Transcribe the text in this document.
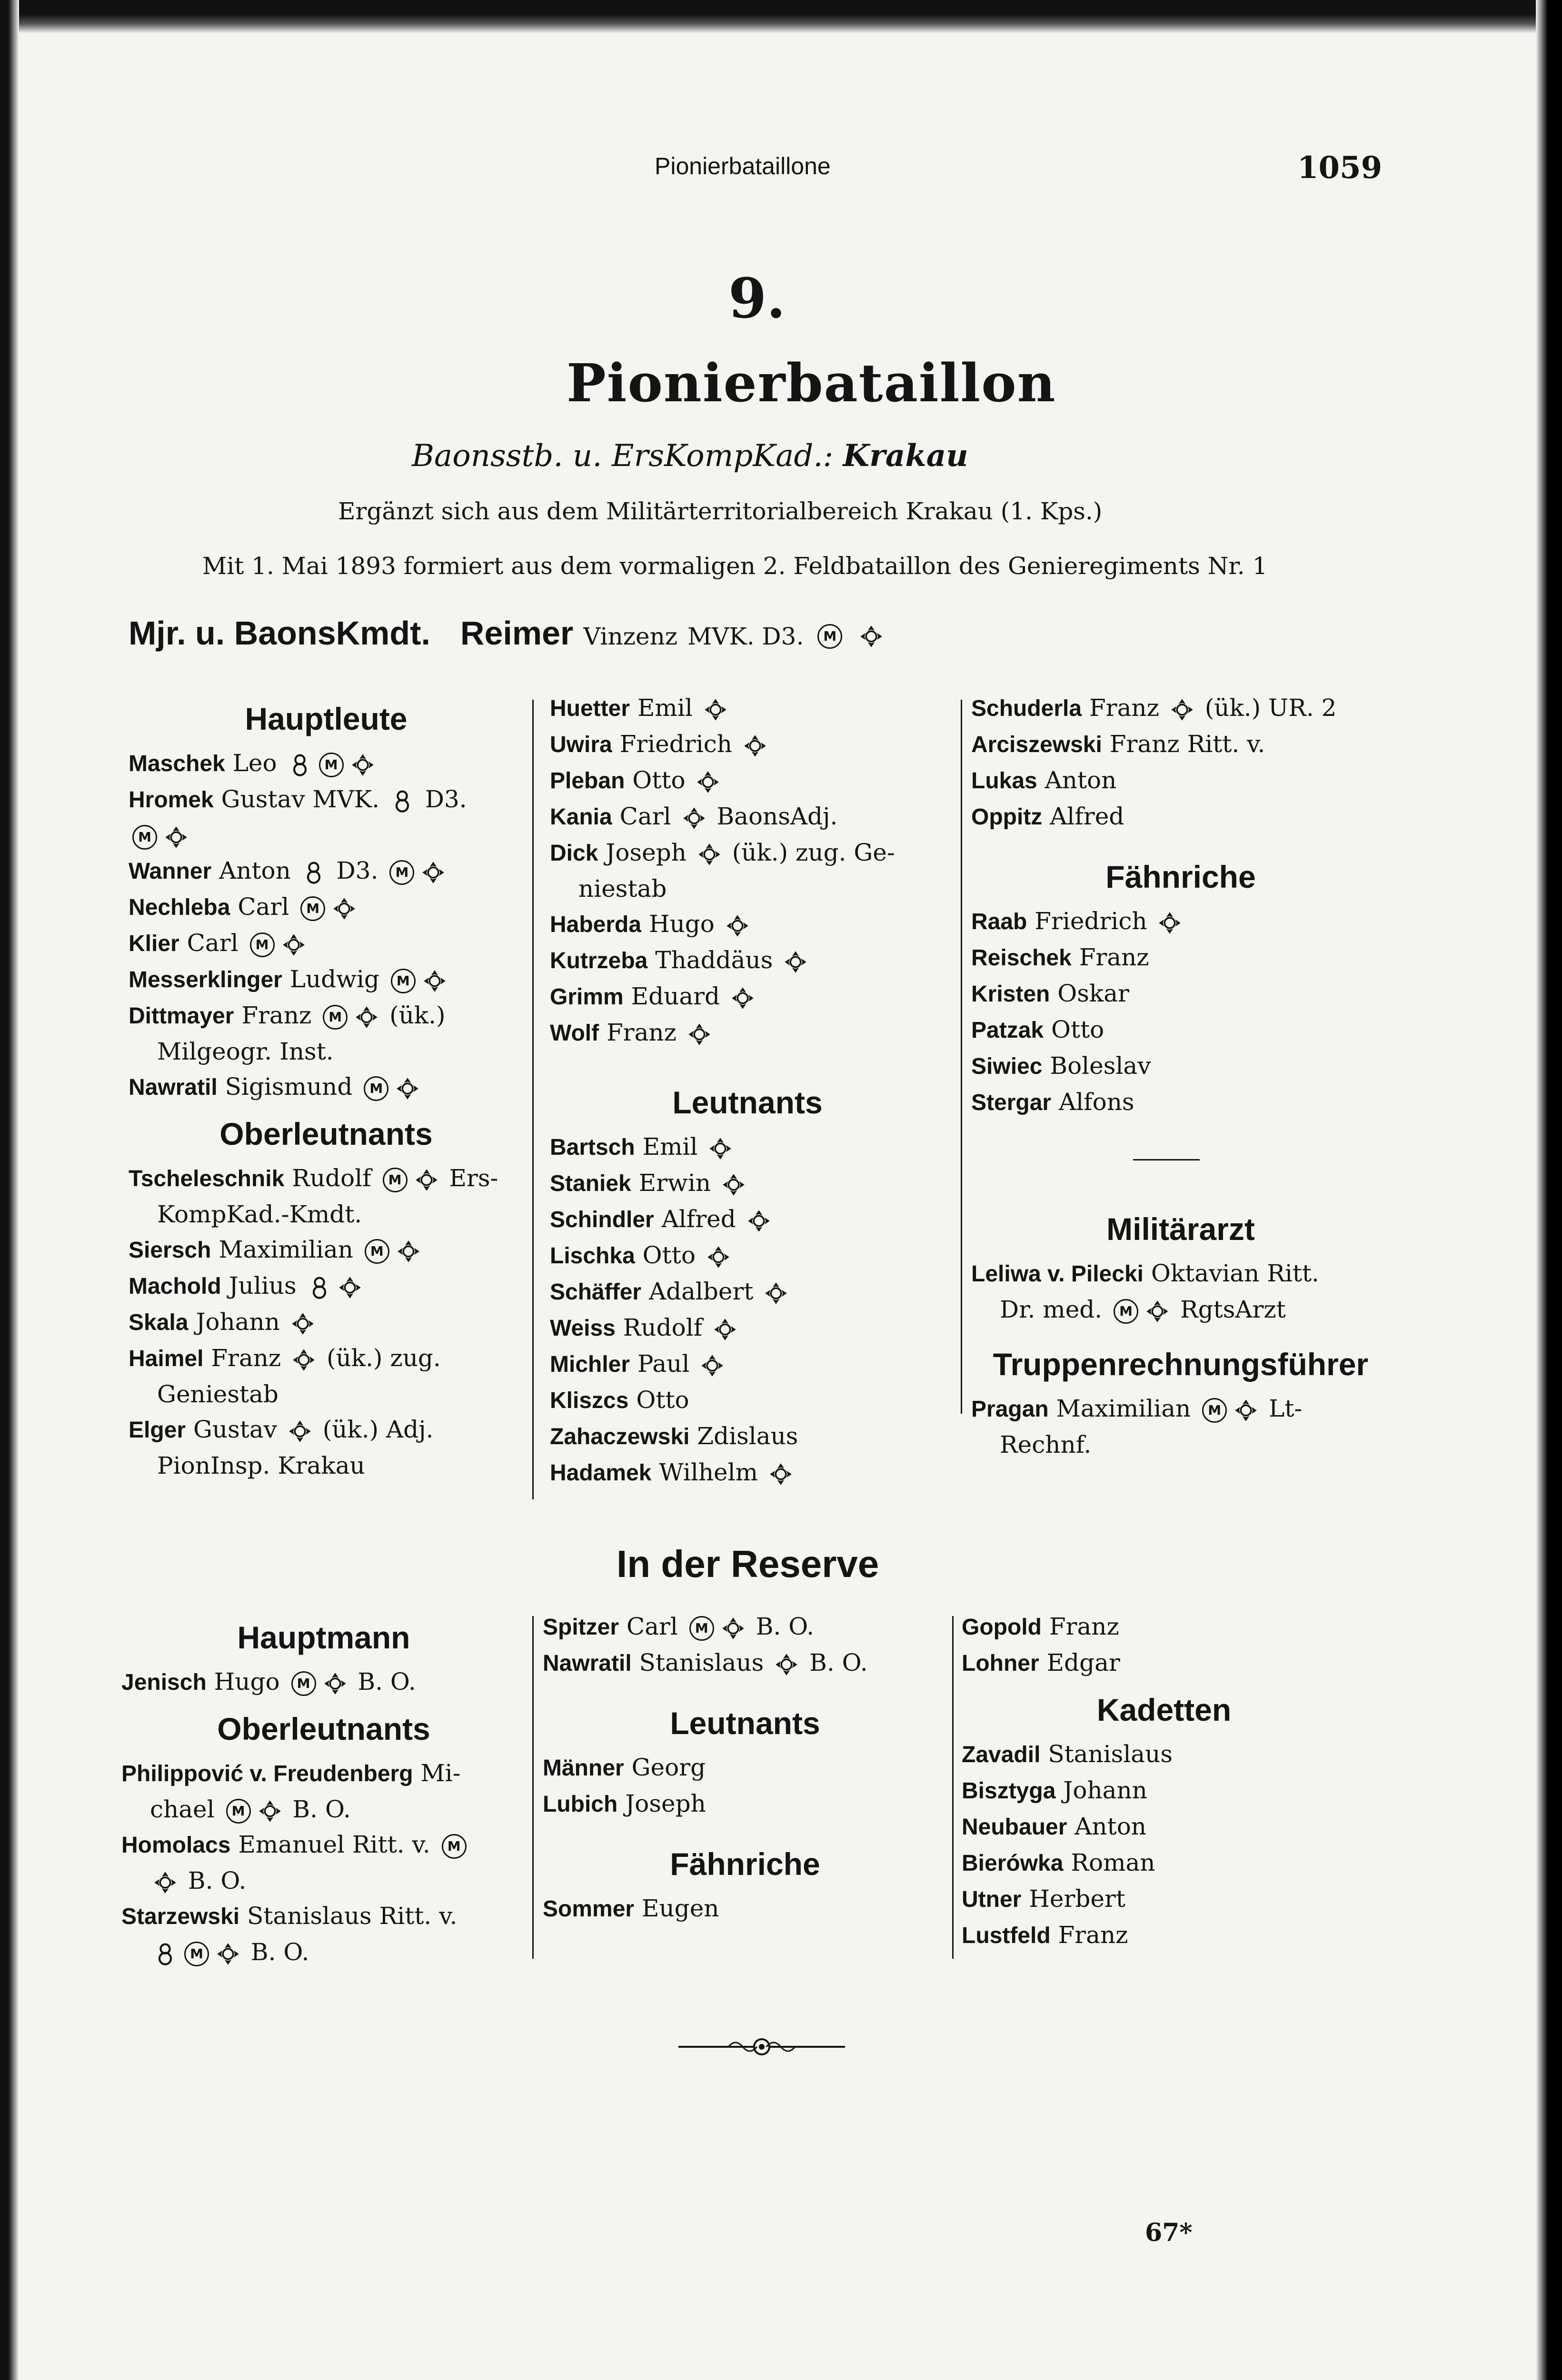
Pionierbataillone	1059
9.
Pionierbataillon
Baonsstb. u. ErsKompKad.: Krakau
Ergänzt sich aus dem Militärterritorialbereich Krakau (1. Kps.)
Mit 1. Mai 1893 formiert aus dem vormaligen 2. Feldbataillon des Genieregiments Nr. 1
Mjr. u. BaonsKmdt. Reimer Vinzenz MVK. D3. M
Hauptleute
Maschek Leo	M
Hromek Gustav MVK. D3.
M
Wanner Anton D3. M
Nechleba Carl M
Klier Carl M
Messerklinger Ludwig M
Dittmayer Franz M (ük.)
Milgeogr. Inst.
Nawratil Sigismund M
Oberleutnants
Tscheleschnik Rudolf M Ers-
KompKad.-Kmdt.
Siersch Maximilian M
Machold Julius
Skala Johann
Haimel Franz (ük.) zug.
Geniestab
Elger Gustav (ük.) Adj.
PionInsp. Krakau
Huetter Emil
Uwira Friedrich
Pleban Otto
Kania Carl BaonsAdj.
Dick Joseph (ük.) zug. Ge-
niestab
Haberda Hugo
Kutrzeba Thaddäus
Grimm Eduard
Wolf Franz
Leutnants
Bartsch Emil
Staniek Erwin
Schindler Alfred
Lischka Otto
Schäffer Adalbert
Weiss Rudolf
Michler Paul
Kliszcs Otto
Zahaczewski Zdislaus
Hadamek Wilhelm
Schuderla Franz (ük.) UR. 2
Arciszewski Franz Ritt. v.
Lukas Anton
Oppitz Alfred
Fähnriche
Raab Friedrich
Reischek Franz
Kristen Oskar
Patzak Otto
Siwiec Boleslav
Stergar Alfons
Militärarzt
Leliwa v. Pilecki Oktavian Ritt.
Dr. med. M RgtsArzt
Truppenrechnungsführer
Pragan Maximilian M Lt-
Rechnf.
In der Reserve
Hauptmann
Jenisch Hugo M B. O.
Oberleutnants
Philippović v. Freudenberg Mi-
chael M B. O.
Homolacs Emanuel Ritt. v. M
B. O.
Starzewski Stanislaus Ritt. v.
M B. O.
Spitzer Carl M B. O.
Nawratil Stanislaus B. O.
Leutnants
Männer Georg
Lubich Joseph
Fähnriche
Sommer Eugen
Gopold Franz
Lohner Edgar
Kadetten
Zavadil Stanislaus
Bisztyga Johann
Neubauer Anton
Bierówka Roman
Utner Herbert
Lustfeld Franz
67*
